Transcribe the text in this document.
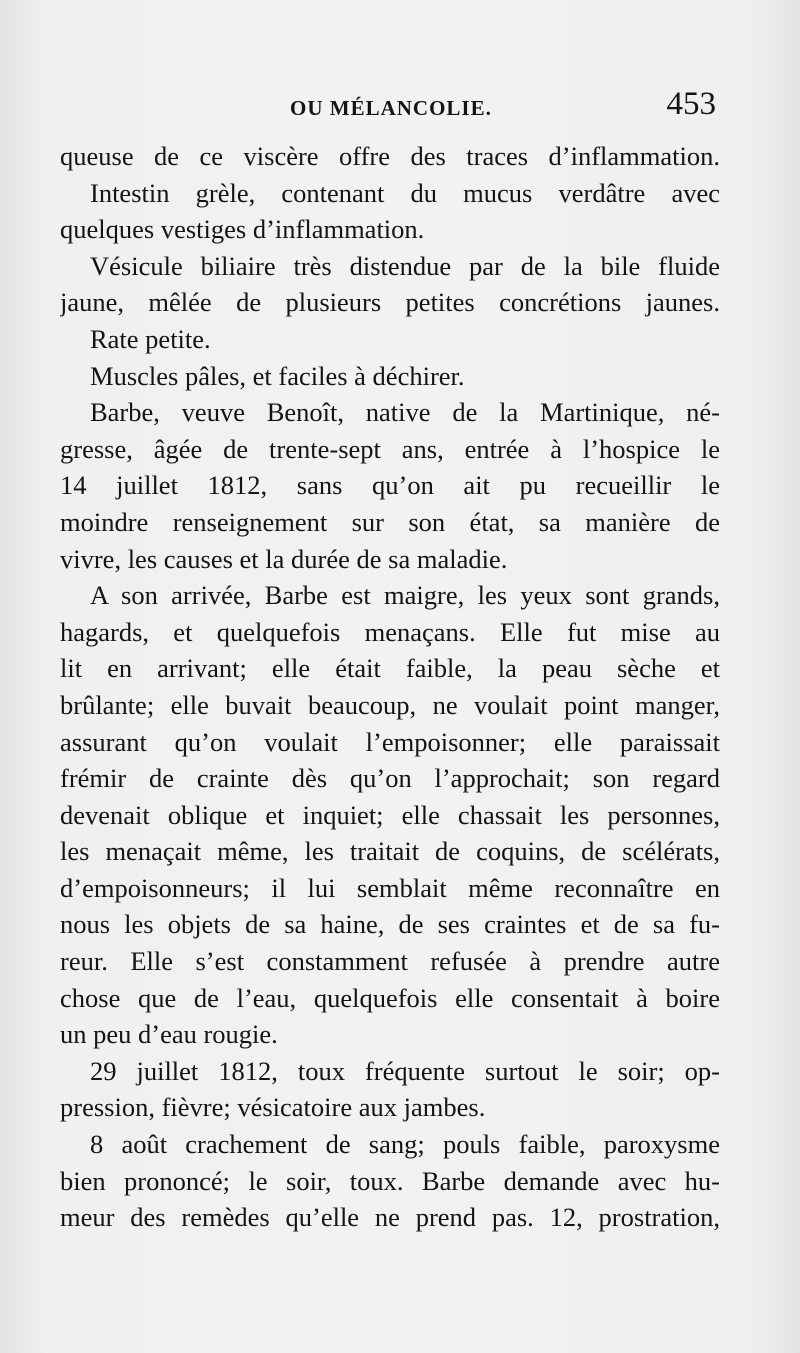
OU MÉLANCOLIE.	453
queuse de ce viscère offre des traces d’inflammation.
Intestin grèle, contenant du mucus verdâtre avec
quelques vestiges d’inflammation.
Vésicule biliaire très distendue par de la bile fluide
jaune, mêlée de plusieurs petites concrétions jaunes.
Rate petite.
Muscles pâles, et faciles à déchirer.
Barbe, veuve Benoît, native de la Martinique, né-
gresse, âgée de trente-sept ans, entrée à l’hospice le
14 juillet 1812, sans qu’on ait pu recueillir le
moindre renseignement sur son état, sa manière de
vivre, les causes et la durée de sa maladie.
A son arrivée, Barbe est maigre, les yeux sont grands,
hagards, et quelquefois menaçans. Elle fut mise au
lit en arrivant; elle était faible, la peau sèche et
brûlante; elle buvait beaucoup, ne voulait point manger,
assurant qu’on voulait l’empoisonner; elle paraissait
frémir de crainte dès qu’on l’approchait; son regard
devenait oblique et inquiet; elle chassait les personnes,
les menaçait même, les traitait de coquins, de scélérats,
d’empoisonneurs; il lui semblait même reconnaître en
nous les objets de sa haine, de ses craintes et de sa fu-
reur. Elle s’est constamment refusée à prendre autre
chose que de l’eau, quelquefois elle consentait à boire
un peu d’eau rougie.
29 juillet 1812, toux fréquente surtout le soir; op-
pression, fièvre; vésicatoire aux jambes.
8 août crachement de sang; pouls faible, paroxysme
bien prononcé; le soir, toux. Barbe demande avec hu-
meur des remèdes qu’elle ne prend pas. 12, prostration,
